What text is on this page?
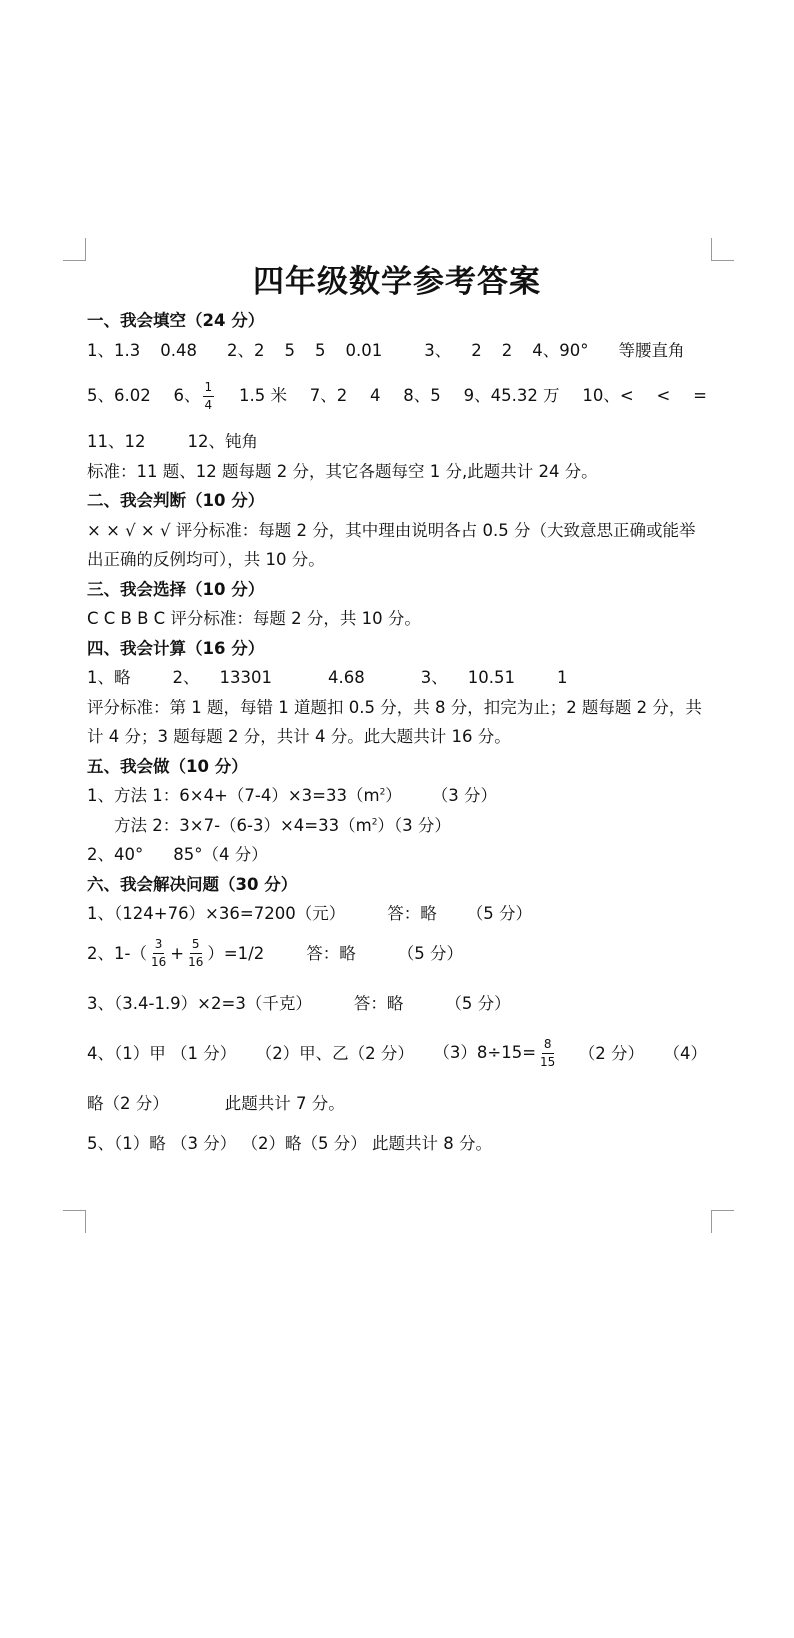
四年级数学参考答案
一、我会填空（24 分）
1、1.3 0.48 2、2 5 5 0.01	3、 2 2 4、90° 等腰直角
5、6.02 6、 $\frac{1}{4} 1.5$ 米 7、2 4 8、5 9、45.32 万 10、< < =
11、12	12、钝角
标准：11 题、12 题每题 2 分，其它各题每空 1 分,此题共计 24 分。
二、我会判断（10 分）
× × √ × √ 评分标准：每题 2 分，其中理由说明各占 0.5 分（大致意思正确或能举出正确的反例均可），共 10 分。
三、我会选择（10 分）
C C B B C 评分标准：每题 2 分，共 10 分。
四、我会计算（16 分）
1、略	2、 13301	4.68	3、 10.51	1
评分标准：第 1 题，每错 1 道题扣 0.5 分，共 8 分，扣完为止；2 题每题 2 分，共计 4 分；3 题每题 2 分，共计 4 分。此大题共计 16 分。
五、我会做（10 分）
1、方法 1：$6\times 4+(7-4)\times 3=33(m^2)$ （3 分）
方法 2：$3\times 7-(6-3)\times 4=33(m^2)(3$ 分）
2、40° 85°（4 分）
六、我会解决问题（30 分）
1、（124+76）×36=7200（元）	答：略 （5 分）
2、$1-( \frac{3}{16} + \frac{5}{16} )=1/2$	答：略	（5 分）
3、（3.4-1.9）×2=3（千克）	答：略	（5 分）
4、（1）甲 （1 分） （2）甲、乙（2 分） $(3)8\div 15= \frac{8}{15} (2$ 分） （4）
略（2 分）	此题共计 7 分。
5、（1）略 （3 分） （2）略（5 分） 此题共计 8 分。
